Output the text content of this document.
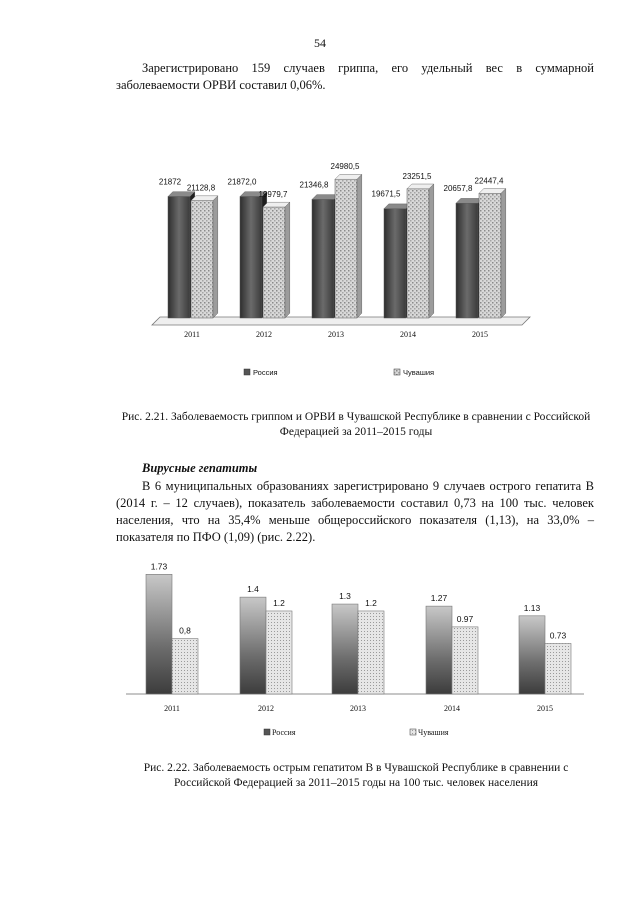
54

Зарегистрировано 159 случаев гриппа, его удельный вес в суммарной заболеваемости ОРВИ составил 0,06%.

21872	21872,0	21346,8
19671,5
20657,8
21128,8
19979,7
24980,5
23251,5	22447,4
2011	2012	2013	2014	2015
Россия	Чувашия

Рис. 2.21. Заболеваемость гриппом и ОРВИ в Чувашской Республике в сравнении с Российской Федерацией за 2011–2015 годы

Вирусные гепатиты

В 6 муниципальных образованиях зарегистрировано 9 случаев острого гепатита В (2014 г. – 12 случаев), показатель заболеваемости составил 0,73 на 100 тыс. человек населения, что на 35,4% меньше общероссийского показателя (1,13), на 33,0% – показателя по ПФО (1,09) (рис. 2.22).

1.73
1.4
1.3	1.27
1.13
0,8
1.2	1.2
0.97
0.73
2011	2012	2013	2014	2015
Россия	Чувашия

Рис. 2.22. Заболеваемость острым гепатитом В в Чувашской Республике в сравнении с Российской Федерацией за 2011–2015 годы на 100 тыс. человек населения
